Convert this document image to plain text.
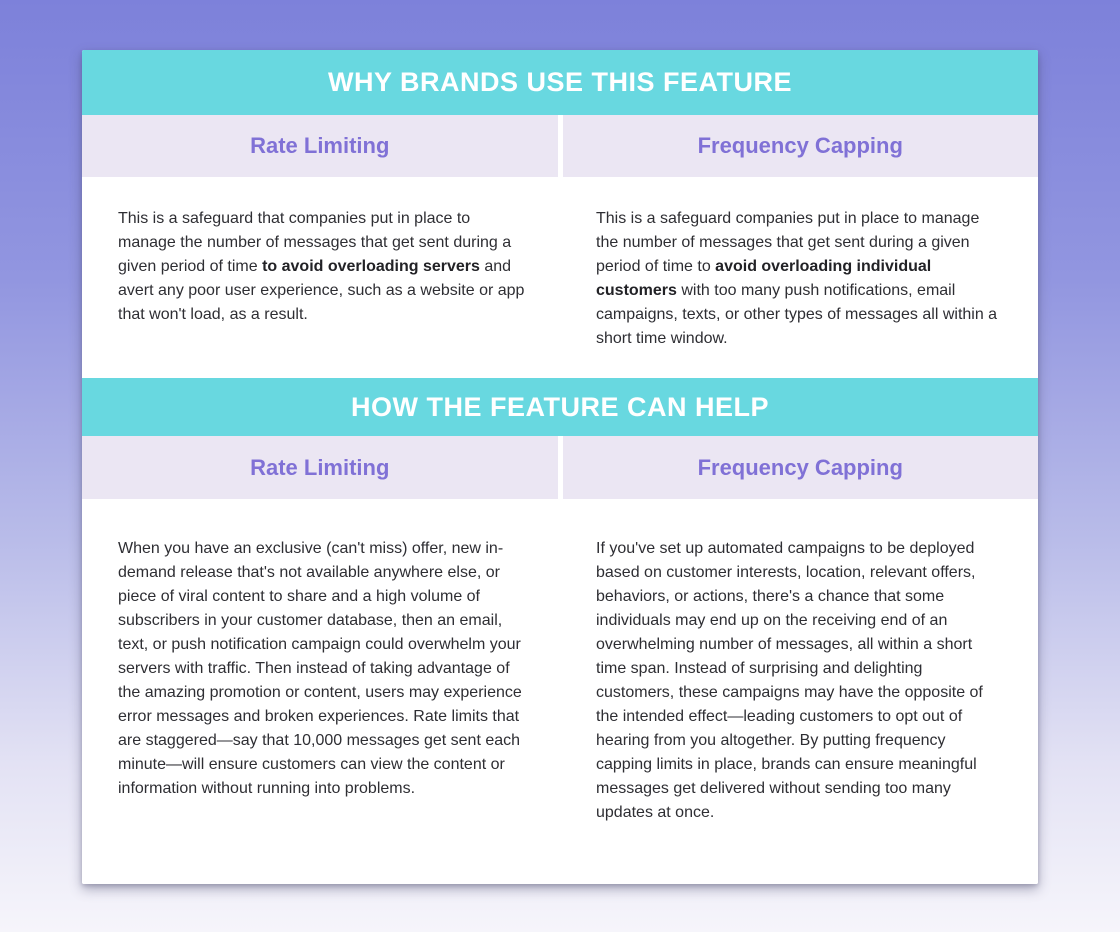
WHY BRANDS USE THIS FEATURE
Rate Limiting	Frequency Capping
This is a safeguard that companies put in place to manage the number of messages that get sent during a given period of time to avoid overloading servers and avert any poor user experience, such as a website or app that won't load, as a result.
This is a safeguard companies put in place to manage the number of messages that get sent during a given period of time to avoid overloading individual customers with too many push notifications, email campaigns, texts, or other types of messages all within a short time window.
HOW THE FEATURE CAN HELP
Rate Limiting	Frequency Capping
When you have an exclusive (can't miss) offer, new in-demand release that's not available anywhere else, or piece of viral content to share and a high volume of subscribers in your customer database, then an email, text, or push notification campaign could overwhelm your servers with traffic. Then instead of taking advantage of the amazing promotion or content, users may experience error messages and broken experiences. Rate limits that are staggered—say that 10,000 messages get sent each minute—will ensure customers can view the content or information without running into problems.
If you've set up automated campaigns to be deployed based on customer interests, location, relevant offers, behaviors, or actions, there's a chance that some individuals may end up on the receiving end of an overwhelming number of messages, all within a short time span. Instead of surprising and delighting customers, these campaigns may have the opposite of the intended effect—leading customers to opt out of hearing from you altogether. By putting frequency capping limits in place, brands can ensure meaningful messages get delivered without sending too many updates at once.
